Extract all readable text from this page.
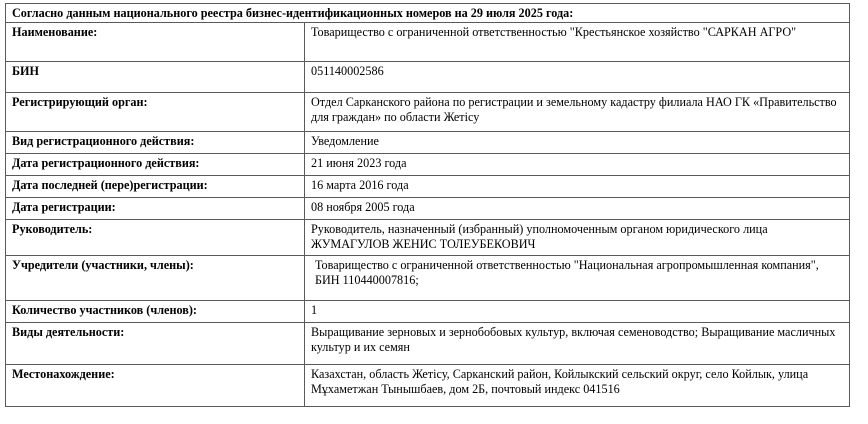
Согласно данным национального реестра бизнес-идентификационных номеров на 29 июля 2025 года:	
Наименование:	Товарищество с ограниченной ответственностью "Крестьянское хозяйство "САРКАН АГРО"
БИН	051140002586
Регистрирующий орган:	Отдел Сарканского района по регистрации и земельному кадастру филиала НАО ГК «Правительство для граждан» по области Жетісу
Вид регистрационного действия:	Уведомление
Дата регистрационного действия:	21 июня 2023 года
Дата последней (пере)регистрации:	16 марта 2016 года
Дата регистрации:	08 ноября 2005 года
Руководитель:	Руководитель, назначенный (избранный) уполномоченным органом юридического лица ЖУМАГУЛОВ ЖЕНИС ТОЛЕУБЕКОВИЧ
Учредители (участники, члены):	Товарищество с ограниченной ответственностью "Национальная агропромышленная компания", БИН 110440007816;
Количество участников (членов):	1
Виды деятельности:	Выращивание зерновых и зернобобовых культур, включая семеноводство; Выращивание масличных культур и их семян
Местонахождение:	Казахстан, область Жетісу, Сарканский район, Койлыкский сельский округ, село Койлык, улица Мұхаметжан Тынышбаев, дом 2Б, почтовый индекс 041516
